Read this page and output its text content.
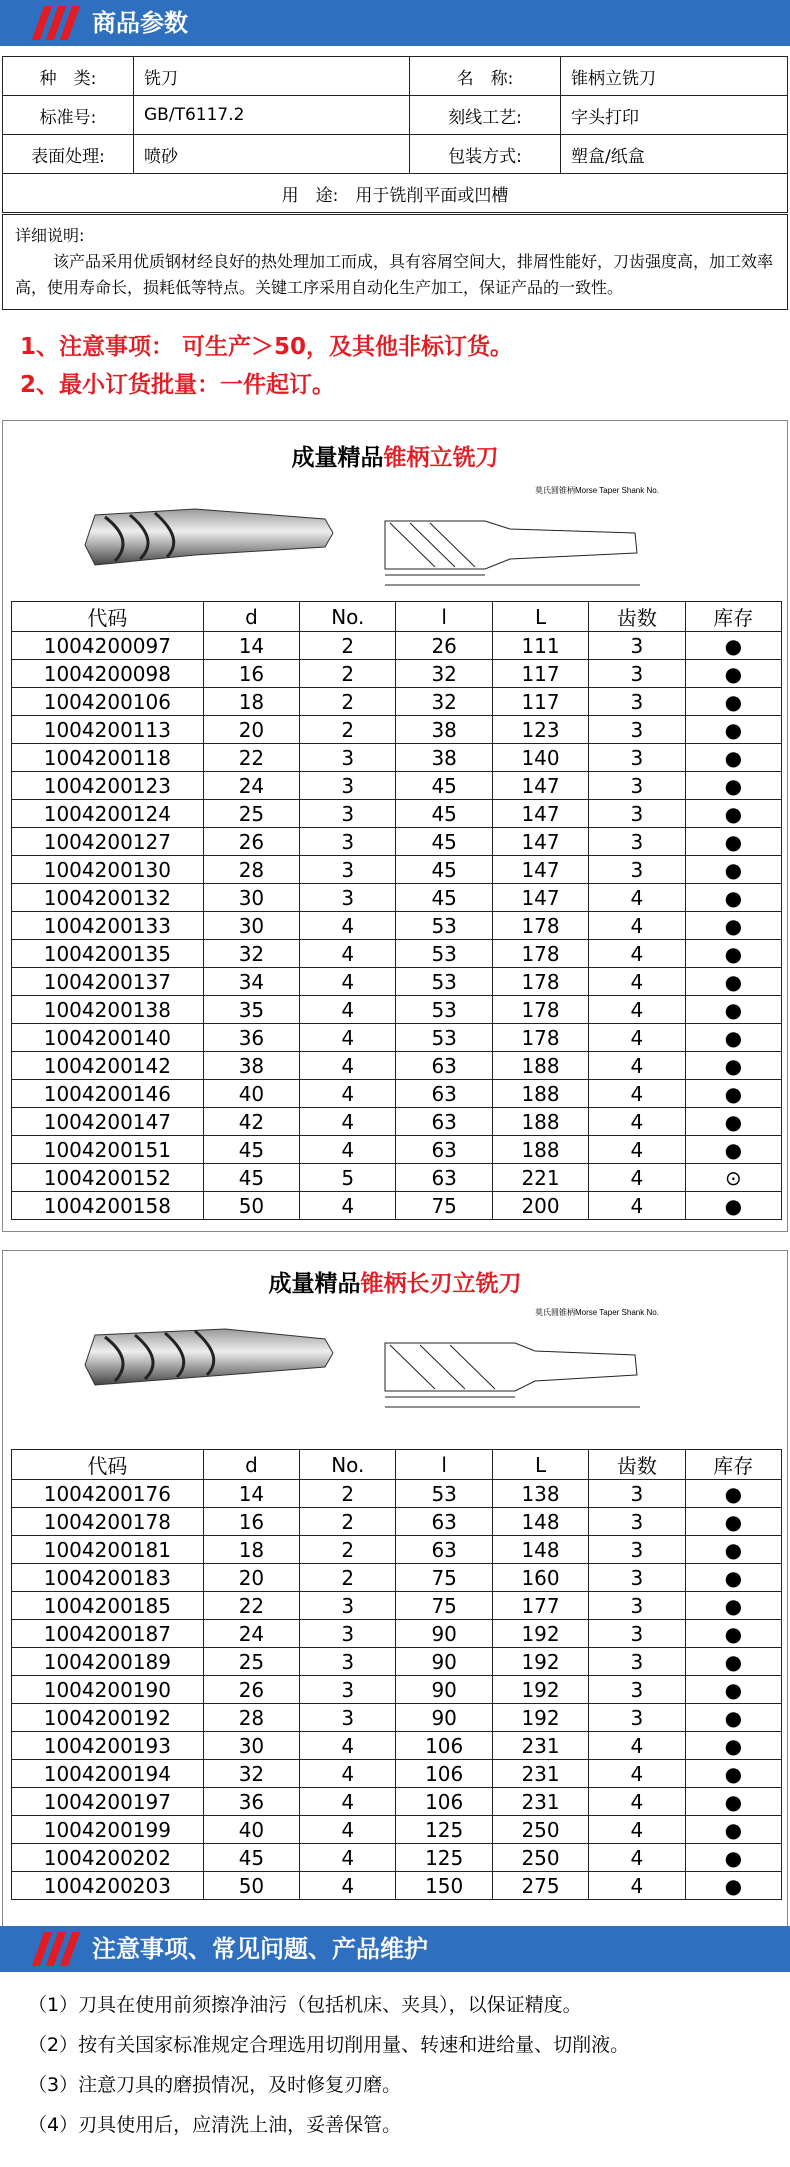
商品参数
种　类:	铣刀	名　称:	锥柄立铣刀
标准号:	GB/T6117.2	刻线工艺:	字头打印
表面处理:	喷砂	包装方式:	塑盒/纸盒
用　途:　用于铣削平面或凹槽			
详细说明:
该产品采用优质钢材经良好的热处理加工而成，具有容屑空间大，排屑性能好，刀齿强度高，加工效率高，使用寿命长，损耗低等特点。关键工序采用自动化生产加工，保证产品的一致性。
1、注意事项： 可生产＞50，及其他非标订货。
2、最小订货批量：一件起订。
成量精品锥柄立铣刀
莫氏圆锥柄Morse Taper Shank No.
代码	d	No.	l	L	齿数	库存
1004200097	14	2	26	111	3	●
1004200098	16	2	32	117	3	●
1004200106	18	2	32	117	3	●
1004200113	20	2	38	123	3	●
1004200118	22	3	38	140	3	●
1004200123	24	3	45	147	3	●
1004200124	25	3	45	147	3	●
1004200127	26	3	45	147	3	●
1004200130	28	3	45	147	3	●
1004200132	30	3	45	147	4	●
1004200133	30	4	53	178	4	●
1004200135	32	4	53	178	4	●
1004200137	34	4	53	178	4	●
1004200138	35	4	53	178	4	●
1004200140	36	4	53	178	4	●
1004200142	38	4	63	188	4	●
1004200146	40	4	63	188	4	●
1004200147	42	4	63	188	4	●
1004200151	45	4	63	188	4	●
1004200152	45	5	63	221	4	⊙
1004200158	50	4	75	200	4	●
成量精品锥柄长刃立铣刀
莫氏圆锥柄Morse Taper Shank No.
代码	d	No.	l	L	齿数	库存
1004200176	14	2	53	138	3	●
1004200178	16	2	63	148	3	●
1004200181	18	2	63	148	3	●
1004200183	20	2	75	160	3	●
1004200185	22	3	75	177	3	●
1004200187	24	3	90	192	3	●
1004200189	25	3	90	192	3	●
1004200190	26	3	90	192	3	●
1004200192	28	3	90	192	3	●
1004200193	30	4	106	231	4	●
1004200194	32	4	106	231	4	●
1004200197	36	4	106	231	4	●
1004200199	40	4	125	250	4	●
1004200202	45	4	125	250	4	●
1004200203	50	4	150	275	4	●
注意事项、常见问题、产品维护

（1）刀具在使用前须擦净油污（包括机床、夹具），以保证精度。

（2）按有关国家标准规定合理选用切削用量、转速和进给量、切削液。

（3）注意刀具的磨损情况，及时修复刃磨。

（4）刃具使用后，应清洗上油，妥善保管。
